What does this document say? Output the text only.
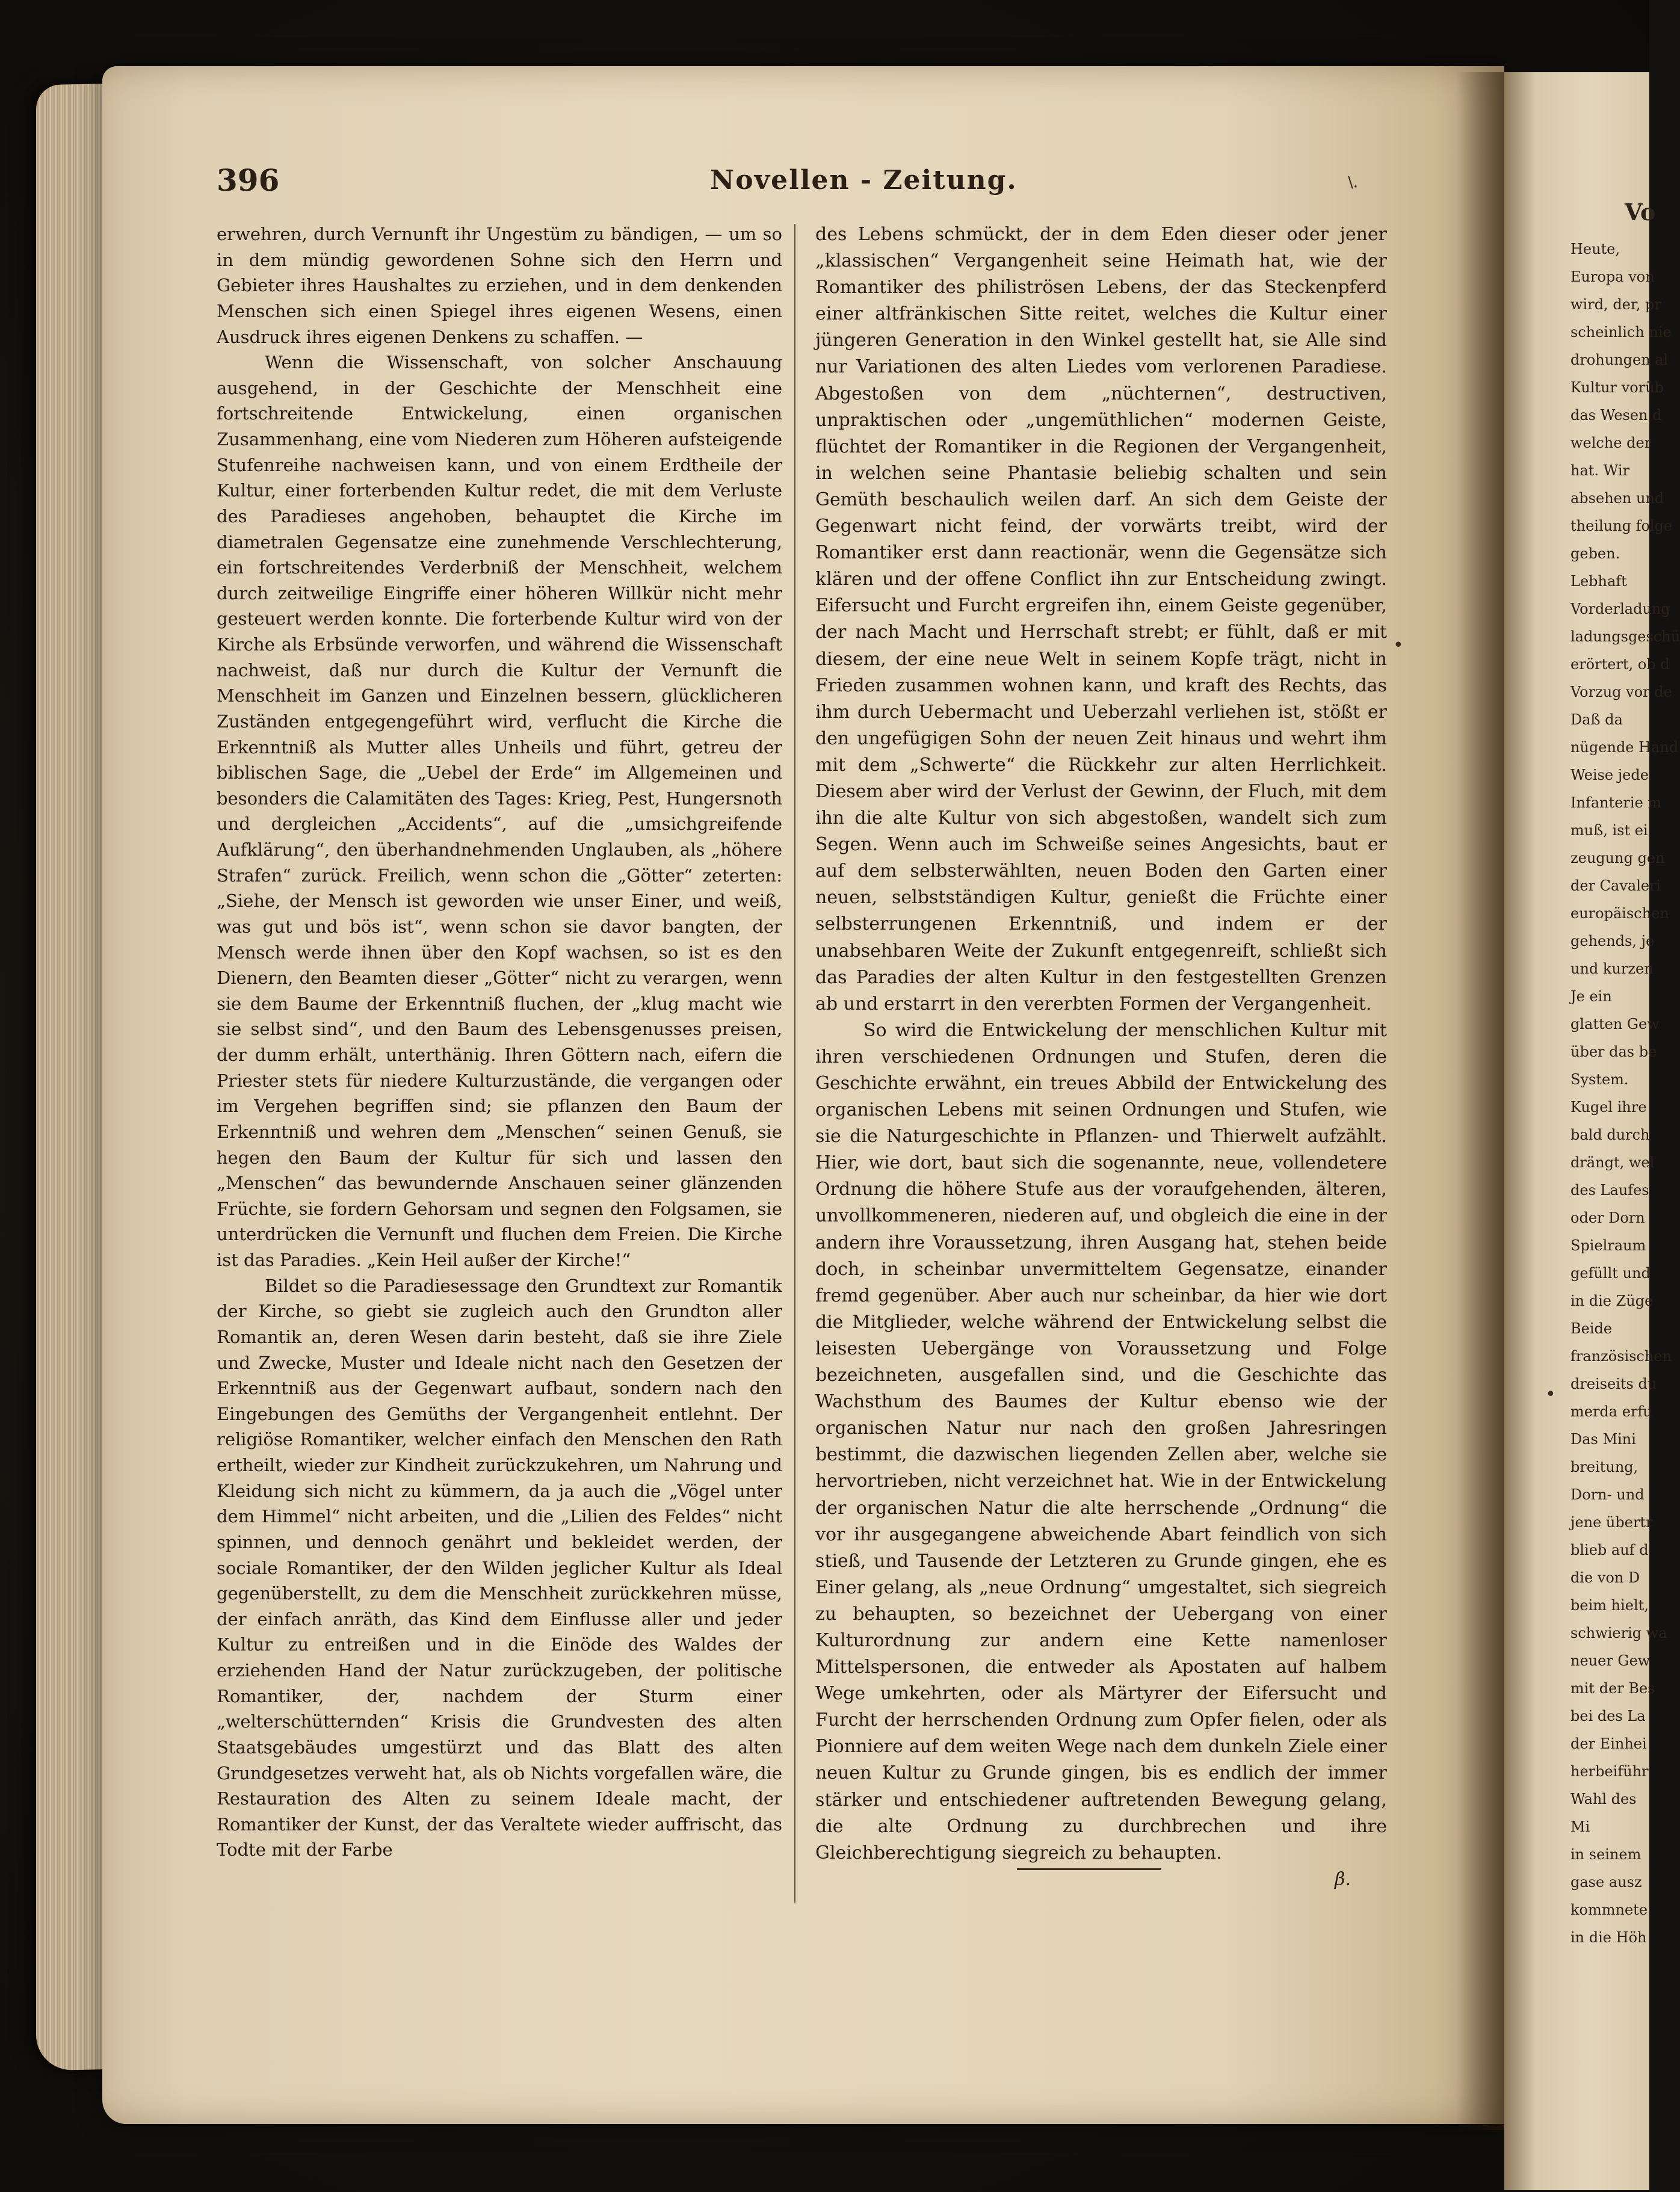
396	Novellen - Zeitung.	\.

erwehren, durch Vernunft ihr Ungestüm zu bändigen, — um so in dem mündig gewordenen Sohne sich den Herrn und Gebieter ihres Haushaltes zu erziehen, und in dem denkenden Menschen sich einen Spiegel ihres eigenen Wesens, einen Ausdruck ihres eigenen Denkens zu schaffen. —

Wenn die Wissenschaft, von solcher Anschauung ausgehend, in der Geschichte der Menschheit eine fortschreitende Entwickelung, einen organischen Zusammenhang, eine vom Niederen zum Höheren aufsteigende Stufenreihe nachweisen kann, und von einem Erdtheile der Kultur, einer forterbenden Kultur redet, die mit dem Verluste des Paradieses angehoben, behauptet die Kirche im diametralen Gegensatze eine zunehmende Verschlechterung, ein fortschreitendes Verderbniß der Menschheit, welchem durch zeitweilige Eingriffe einer höheren Willkür nicht mehr gesteuert werden konnte. Die forterbende Kultur wird von der Kirche als Erbsünde verworfen, und während die Wissenschaft nachweist, daß nur durch die Kultur der Vernunft die Menschheit im Ganzen und Einzelnen bessern, glücklicheren Zuständen entgegengeführt wird, verflucht die Kirche die Erkenntniß als Mutter alles Unheils und führt, getreu der biblischen Sage, die „Uebel der Erde“ im Allgemeinen und besonders die Calamitäten des Tages: Krieg, Pest, Hungersnoth und dergleichen „Accidents“, auf die „umsichgreifende Aufklärung“, den überhandnehmenden Unglauben, als „höhere Strafen“ zurück. Freilich, wenn schon die „Götter“ zeterten: „Siehe, der Mensch ist geworden wie unser Einer, und weiß, was gut und bös ist“, wenn schon sie davor bangten, der Mensch werde ihnen über den Kopf wachsen, so ist es den Dienern, den Beamten dieser „Götter“ nicht zu verargen, wenn sie dem Baume der Erkenntniß fluchen, der „klug macht wie sie selbst sind“, und den Baum des Lebensgenusses preisen, der dumm erhält, unterthänig. Ihren Göttern nach, eifern die Priester stets für niedere Kulturzustände, die vergangen oder im Vergehen begriffen sind; sie pflanzen den Baum der Erkenntniß und wehren dem „Menschen“ seinen Genuß, sie hegen den Baum der Kultur für sich und lassen den „Menschen“ das bewundernde Anschauen seiner glänzenden Früchte, sie fordern Gehorsam und segnen den Folgsamen, sie unterdrücken die Vernunft und fluchen dem Freien. Die Kirche ist das Paradies. „Kein Heil außer der Kirche!“

Bildet so die Paradiesessage den Grundtext zur Romantik der Kirche, so giebt sie zugleich auch den Grundton aller Romantik an, deren Wesen darin besteht, daß sie ihre Ziele und Zwecke, Muster und Ideale nicht nach den Gesetzen der Erkenntniß aus der Gegenwart aufbaut, sondern nach den Eingebungen des Gemüths der Vergangenheit entlehnt. Der religiöse Romantiker, welcher einfach den Menschen den Rath ertheilt, wieder zur Kindheit zurückzukehren, um Nahrung und Kleidung sich nicht zu kümmern, da ja auch die „Vögel unter dem Himmel“ nicht arbeiten, und die „Lilien des Feldes“ nicht spinnen, und dennoch genährt und bekleidet werden, der sociale Romantiker, der den Wilden jeglicher Kultur als Ideal gegenüberstellt, zu dem die Menschheit zurückkehren müsse, der einfach anräth, das Kind dem Einflusse aller und jeder Kultur zu entreißen und in die Einöde des Waldes der erziehenden Hand der Natur zurückzugeben, der politische Romantiker, der, nachdem der Sturm einer „welterschütternden“ Krisis die Grundvesten des alten Staatsgebäudes umgestürzt und das Blatt des alten Grundgesetzes verweht hat, als ob Nichts vorgefallen wäre, die Restauration des Alten zu seinem Ideale macht, der Romantiker der Kunst, der das Veraltete wieder auffrischt, das Todte mit der Farbe

des Lebens schmückt, der in dem Eden dieser oder jener „klassischen“ Vergangenheit seine Heimath hat, wie der Romantiker des philiströsen Lebens, der das Steckenpferd einer altfränkischen Sitte reitet, welches die Kultur einer jüngeren Generation in den Winkel gestellt hat, sie Alle sind nur Variationen des alten Liedes vom verlorenen Paradiese. Abgestoßen von dem „nüchternen“, destructiven, unpraktischen oder „ungemüthlichen“ modernen Geiste, flüchtet der Romantiker in die Regionen der Vergangenheit, in welchen seine Phantasie beliebig schalten und sein Gemüth beschaulich weilen darf. An sich dem Geiste der Gegenwart nicht feind, der vorwärts treibt, wird der Romantiker erst dann reactionär, wenn die Gegensätze sich klären und der offene Conflict ihn zur Entscheidung zwingt. Eifersucht und Furcht ergreifen ihn, einem Geiste gegenüber, der nach Macht und Herrschaft strebt; er fühlt, daß er mit diesem, der eine neue Welt in seinem Kopfe trägt, nicht in Frieden zusammen wohnen kann, und kraft des Rechts, das ihm durch Uebermacht und Ueberzahl verliehen ist, stößt er den ungefügigen Sohn der neuen Zeit hinaus und wehrt ihm mit dem „Schwerte“ die Rückkehr zur alten Herrlichkeit. Diesem aber wird der Verlust der Gewinn, der Fluch, mit dem ihn die alte Kultur von sich abgestoßen, wandelt sich zum Segen. Wenn auch im Schweiße seines Angesichts, baut er auf dem selbsterwählten, neuen Boden den Garten einer neuen, selbstständigen Kultur, genießt die Früchte einer selbsterrungenen Erkenntniß, und indem er der unabsehbaren Weite der Zukunft entgegenreift, schließt sich das Paradies der alten Kultur in den festgestellten Grenzen ab und erstarrt in den vererbten Formen der Vergangenheit.

So wird die Entwickelung der menschlichen Kultur mit ihren verschiedenen Ordnungen und Stufen, deren die Geschichte erwähnt, ein treues Abbild der Entwickelung des organischen Lebens mit seinen Ordnungen und Stufen, wie sie die Naturgeschichte in Pflanzen- und Thierwelt aufzählt. Hier, wie dort, baut sich die sogenannte, neue, vollendetere Ordnung die höhere Stufe aus der voraufgehenden, älteren, unvollkommeneren, niederen auf, und obgleich die eine in der andern ihre Voraussetzung, ihren Ausgang hat, stehen beide doch, in scheinbar unvermitteltem Gegensatze, einander fremd gegenüber. Aber auch nur scheinbar, da hier wie dort die Mitglieder, welche während der Entwickelung selbst die leisesten Uebergänge von Voraussetzung und Folge bezeichneten, ausgefallen sind, und die Geschichte das Wachsthum des Baumes der Kultur ebenso wie der organischen Natur nur nach den großen Jahresringen bestimmt, die dazwischen liegenden Zellen aber, welche sie hervortrieben, nicht verzeichnet hat. Wie in der Entwickelung der organischen Natur die alte herrschende „Ordnung“ die vor ihr ausgegangene abweichende Abart feindlich von sich stieß, und Tausende der Letzteren zu Grunde gingen, ehe es Einer gelang, als „neue Ordnung“ umgestaltet, sich siegreich zu behaupten, so bezeichnet der Uebergang von einer Kulturordnung zur andern eine Kette namenloser Mittelspersonen, die entweder als Apostaten auf halbem Wege umkehrten, oder als Märtyrer der Eifersucht und Furcht der herrschenden Ordnung zum Opfer fielen, oder als Pionniere auf dem weiten Wege nach dem dunkeln Ziele einer neuen Kultur zu Grunde gingen, bis es endlich der immer stärker und entschiedener auftretenden Bewegung gelang, die alte Ordnung zu durchbrechen und ihre Gleichberechtigung siegreich zu behaupten.

β.

•
•
Vo
Heute,
Europa von
wird, der, pr
scheinlich nie
drohungen al
Kultur vorüb
das Wesen d
welche der
hat. Wir
absehen und
theilung folge
geben.
Lebhaft
Vorderladung
ladungsgeschü
erörtert, ob d
Vorzug vor de
Daß da
nügende Hand
Weise jede
Infanterie m
muß, ist ei
zeugung gen
der Cavaleri
europäischen
gehends, je
und kurzen
Je ein
glatten Gew
über das be
System.
Kugel ihre
bald durch
drängt, wel
des Laufes
oder Dorn
Spielraum
gefüllt und
in die Züge
Beide
französischen
dreiseits du
merda erfu
Das Mini
breitung,
Dorn- und
jene übertr
blieb auf d
die von D
beim hielt,
schwierig wa
neuer Gew
mit der Bes
bei des La
der Einhei
herbeiführ
Wahl des
Mi
in seinem
gase ausz
kommnete
in die Höh
